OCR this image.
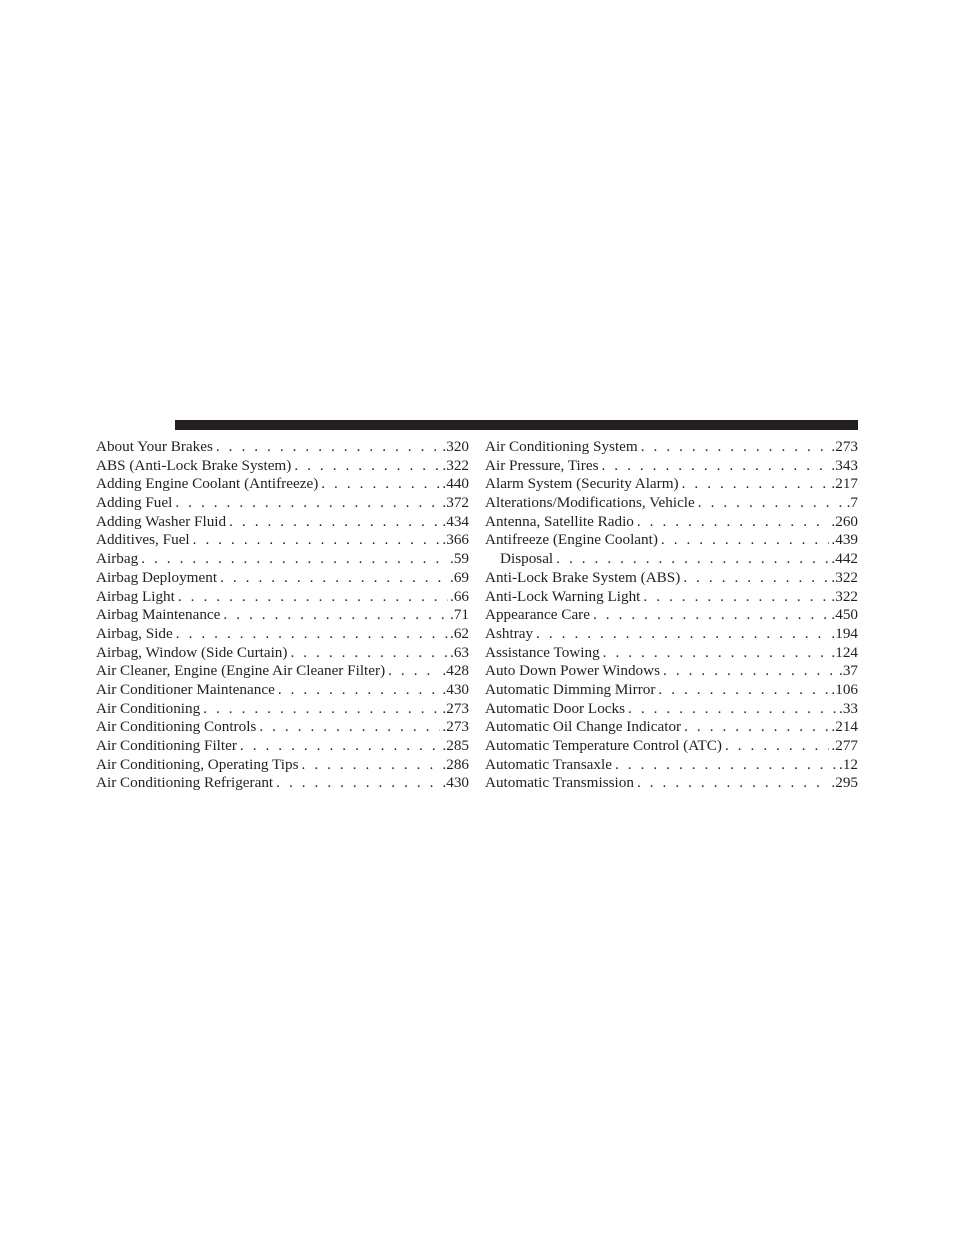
About Your Brakes . . .	.320
ABS (Anti-Lock Brake System) . . .	.322
Adding Engine Coolant (Antifreeze) . . .	.440
Adding Fuel . . .	.372
Adding Washer Fluid . . .	.434
Additives, Fuel . . .	.366
Airbag . . .	.59
Airbag Deployment . . .	.69
Airbag Light . . .	.66
Airbag Maintenance . . .	.71
Airbag, Side . . .	.62
Airbag, Window (Side Curtain) . . .	.63
Air Cleaner, Engine (Engine Air Cleaner Filter) . . .	.428
Air Conditioner Maintenance . . .	.430
Air Conditioning . . .	.273
Air Conditioning Controls . . .	.273
Air Conditioning Filter . . .	.285
Air Conditioning, Operating Tips . . .	.286
Air Conditioning Refrigerant . . .	.430
Air Conditioning System . . .	.273
Air Pressure, Tires . . .	.343
Alarm System (Security Alarm) . . .	.217
Alterations/Modifications, Vehicle . . .	.7
Antenna, Satellite Radio . . .	.260
Antifreeze (Engine Coolant) . . .	.439
Disposal . . .	.442
Anti-Lock Brake System (ABS) . . .	.322
Anti-Lock Warning Light . . .	.322
Appearance Care . . .	.450
Ashtray . . .	.194
Assistance Towing . . .	.124
Auto Down Power Windows . . .	.37
Automatic Dimming Mirror . . .	.106
Automatic Door Locks . . .	.33
Automatic Oil Change Indicator . . .	.214
Automatic Temperature Control (ATC) . . .	.277
Automatic Transaxle . . .	.12
Automatic Transmission . . .	.295
